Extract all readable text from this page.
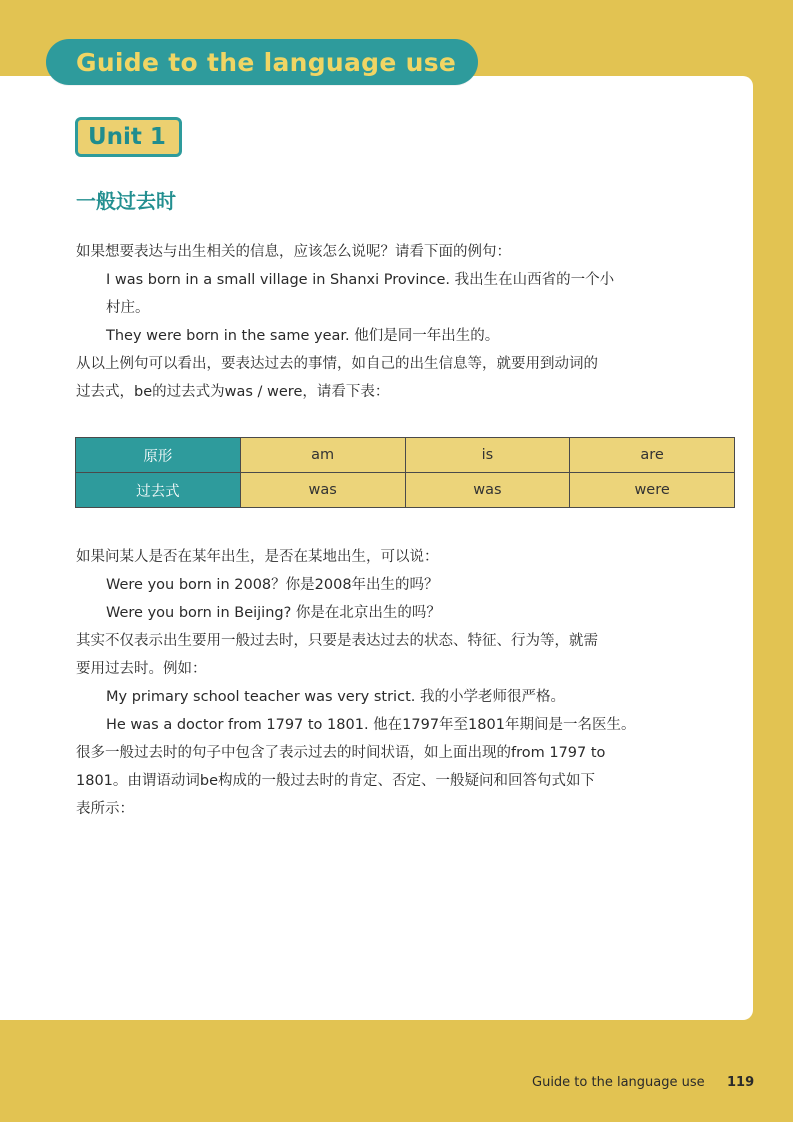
Guide to the language use
Unit 1
一般过去时
如果想要表达与出生相关的信息，应该怎么说呢？请看下面的例句：
I was born in a small village in Shanxi Province. 我出生在山西省的一个小
村庄。
They were born in the same year. 他们是同一年出生的。
从以上例句可以看出，要表达过去的事情，如自己的出生信息等，就要用到动词的
过去式，be的过去式为was / were，请看下表：
原形	am	is	are
过去式	was	was	were
如果问某人是否在某年出生，是否在某地出生，可以说：
Were you born in 2008？你是2008年出生的吗？
Were you born in Beijing? 你是在北京出生的吗？
其实不仅表示出生要用一般过去时，只要是表达过去的状态、特征、行为等，就需
要用过去时。例如：
My primary school teacher was very strict. 我的小学老师很严格。
He was a doctor from 1797 to 1801. 他在1797年至1801年期间是一名医生。
很多一般过去时的句子中包含了表示过去的时间状语，如上面出现的from 1797 to
1801。由谓语动词be构成的一般过去时的肯定、否定、一般疑问和回答句式如下
表所示：
Guide to the language use 119
